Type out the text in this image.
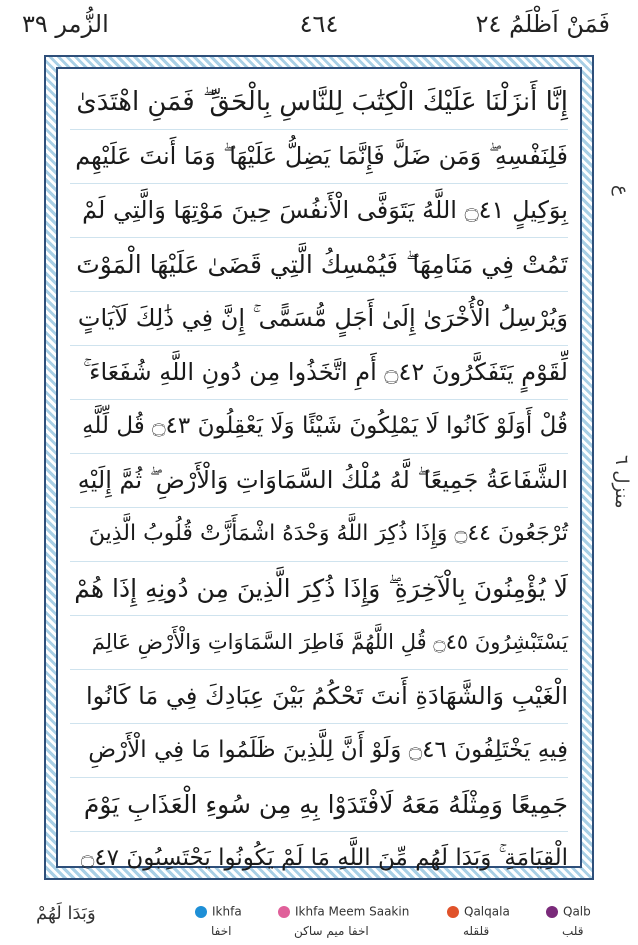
فَمَنْ اَظْلَمُ ٢٤
٤٦٤
الزُّمر ٣٩
إِنَّا أَنزَلْنَا عَلَيْكَ الْكِتَٰبَ لِلنَّاسِ بِالْحَقِّ ۖ فَمَنِ اهْتَدَىٰ
فَلِنَفْسِهِ ۖ وَمَن ضَلَّ فَإِنَّمَا يَضِلُّ عَلَيْهَا ۖ وَمَا أَنتَ عَلَيْهِم
بِوَكِيلٍ ۝٤١ اللَّهُ يَتَوَفَّى الْأَنفُسَ حِينَ مَوْتِهَا وَالَّتِي لَمْ
تَمُتْ فِي مَنَامِهَا ۖ فَيُمْسِكُ الَّتِي قَضَىٰ عَلَيْهَا الْمَوْتَ
وَيُرْسِلُ الْأُخْرَىٰ إِلَىٰ أَجَلٍ مُّسَمًّى ۚ إِنَّ فِي ذَٰلِكَ لَآيَاتٍ
لِّقَوْمٍ يَتَفَكَّرُونَ ۝٤٢ أَمِ اتَّخَذُوا مِن دُونِ اللَّهِ شُفَعَاءَ ۚ
قُلْ أَوَلَوْ كَانُوا لَا يَمْلِكُونَ شَيْئًا وَلَا يَعْقِلُونَ ۝٤٣ قُل لِّلَّهِ
الشَّفَاعَةُ جَمِيعًا ۖ لَّهُ مُلْكُ السَّمَاوَاتِ وَالْأَرْضِ ۖ ثُمَّ إِلَيْهِ
تُرْجَعُونَ ۝٤٤ وَإِذَا ذُكِرَ اللَّهُ وَحْدَهُ اشْمَأَزَّتْ قُلُوبُ الَّذِينَ
لَا يُؤْمِنُونَ بِالْآخِرَةِ ۖ وَإِذَا ذُكِرَ الَّذِينَ مِن دُونِهِ إِذَا هُمْ
يَسْتَبْشِرُونَ ۝٤٥ قُلِ اللَّهُمَّ فَاطِرَ السَّمَاوَاتِ وَالْأَرْضِ عَالِمَ
الْغَيْبِ وَالشَّهَادَةِ أَنتَ تَحْكُمُ بَيْنَ عِبَادِكَ فِي مَا كَانُوا
فِيهِ يَخْتَلِفُونَ ۝٤٦ وَلَوْ أَنَّ لِلَّذِينَ ظَلَمُوا مَا فِي الْأَرْضِ
جَمِيعًا وَمِثْلَهُ مَعَهُ لَافْتَدَوْا بِهِ مِن سُوءِ الْعَذَابِ يَوْمَ
الْقِيَامَةِ ۚ وَبَدَا لَهُم مِّنَ اللَّهِ مَا لَمْ يَكُونُوا يَحْتَسِبُونَ ۝٤٧
ع
منزل ٦
وَبَدَا لَهُمْ	Ikhfa
اخفا
Ikhfa Meem Saakin
اخفا ميم ساكن
Qalqala
قلقله
Qalb
قلب
